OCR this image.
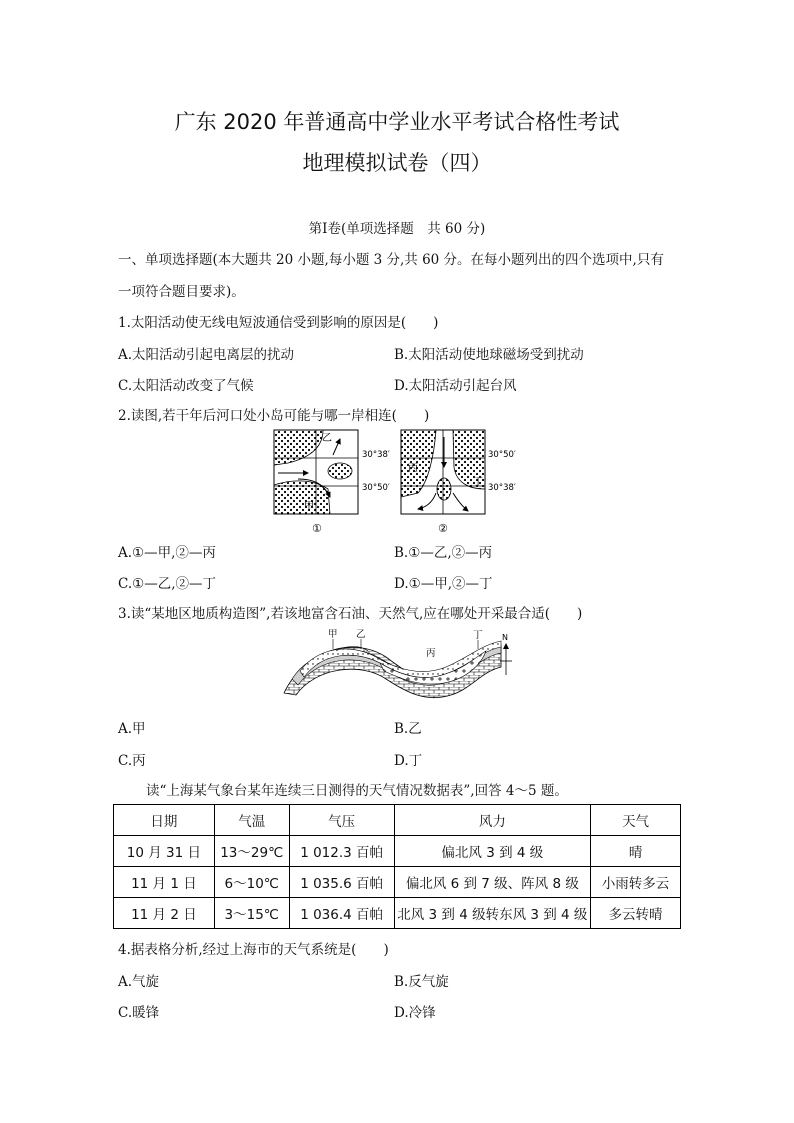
广东 2020 年普通高中学业水平考试合格性考试
地理模拟试卷（四）
第Ⅰ卷(单项选择题　共 60 分)
一、单项选择题(本大题共 20 小题,每小题 3 分,共 60 分。在每小题列出的四个选项中,只有
一项符合题目要求)。
1.太阳活动使无线电短波通信受到影响的原因是(　　)
A.太阳活动引起电离层的扰动	B.太阳活动使地球磁场受到扰动
C.太阳活动改变了气候	D.太阳活动引起台风
2.读图,若干年后河口处小岛可能与哪一岸相连(　　)
乙
甲
30°38′
30°50′
①
丙
丁
30°50′
30°38′
②
A.①—甲,②—丙	B.①—乙,②—丙
C.①—乙,②—丁	D.①—甲,②—丁
3.读“某地区地质构造图”,若该地富含石油、天然气,应在哪处开采最合适(　　)
甲 乙
丙
丁 N
A.甲	B.乙
C.丙	D.丁
读“上海某气象台某年连续三日测得的天气情况数据表”,回答 4～5 题。
日期	气温	气压	风力	天气
10 月 31 日	13～29℃	1 012.3 百帕	偏北风 3 到 4 级	晴
11 月 1 日	6～10℃	1 035.6 百帕	偏北风 6 到 7 级、阵风 8 级	小雨转多云
11 月 2 日	3～15℃	1 036.4 百帕	北风 3 到 4 级转东风 3 到 4 级	多云转晴
4.据表格分析,经过上海市的天气系统是(　　)
A.气旋	B.反气旋
C.暖锋	D.冷锋
